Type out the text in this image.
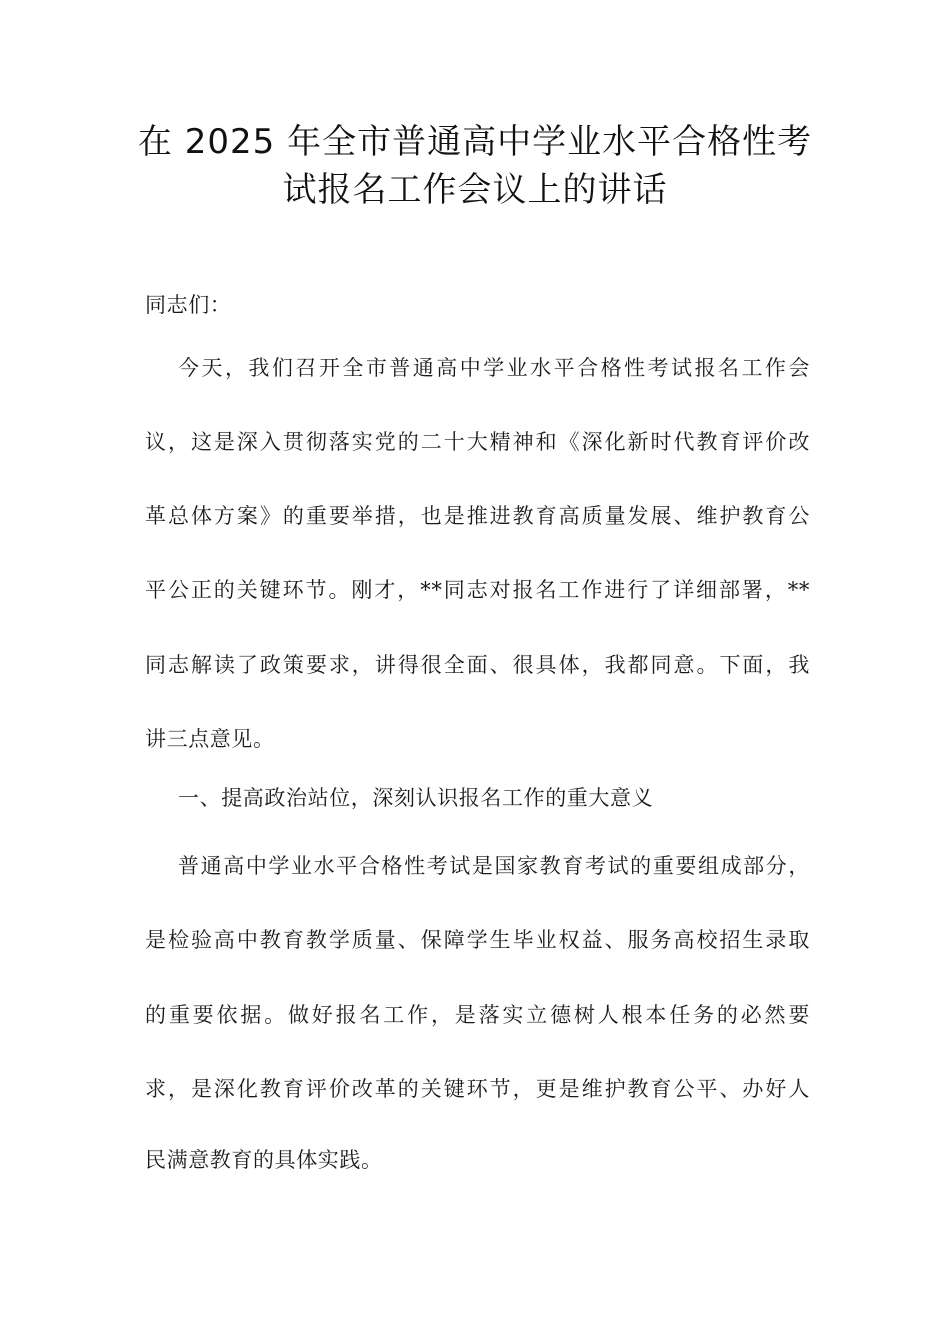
在 2025 年全市普通高中学业水平合格性考
试报名工作会议上的讲话
同志们：
今天，我们召开全市普通高中学业水平合格性考试报名工作会
议，这是深入贯彻落实党的二十大精神和《深化新时代教育评价改
革总体方案》的重要举措，也是推进教育高质量发展、维护教育公
平公正的关键环节。刚才，**同志对报名工作进行了详细部署，**
同志解读了政策要求，讲得很全面、很具体，我都同意。下面，我
讲三点意见。
一、提高政治站位，深刻认识报名工作的重大意义
普通高中学业水平合格性考试是国家教育考试的重要组成部分，
是检验高中教育教学质量、保障学生毕业权益、服务高校招生录取
的重要依据。做好报名工作，是落实立德树人根本任务的必然要
求，是深化教育评价改革的关键环节，更是维护教育公平、办好人
民满意教育的具体实践。
